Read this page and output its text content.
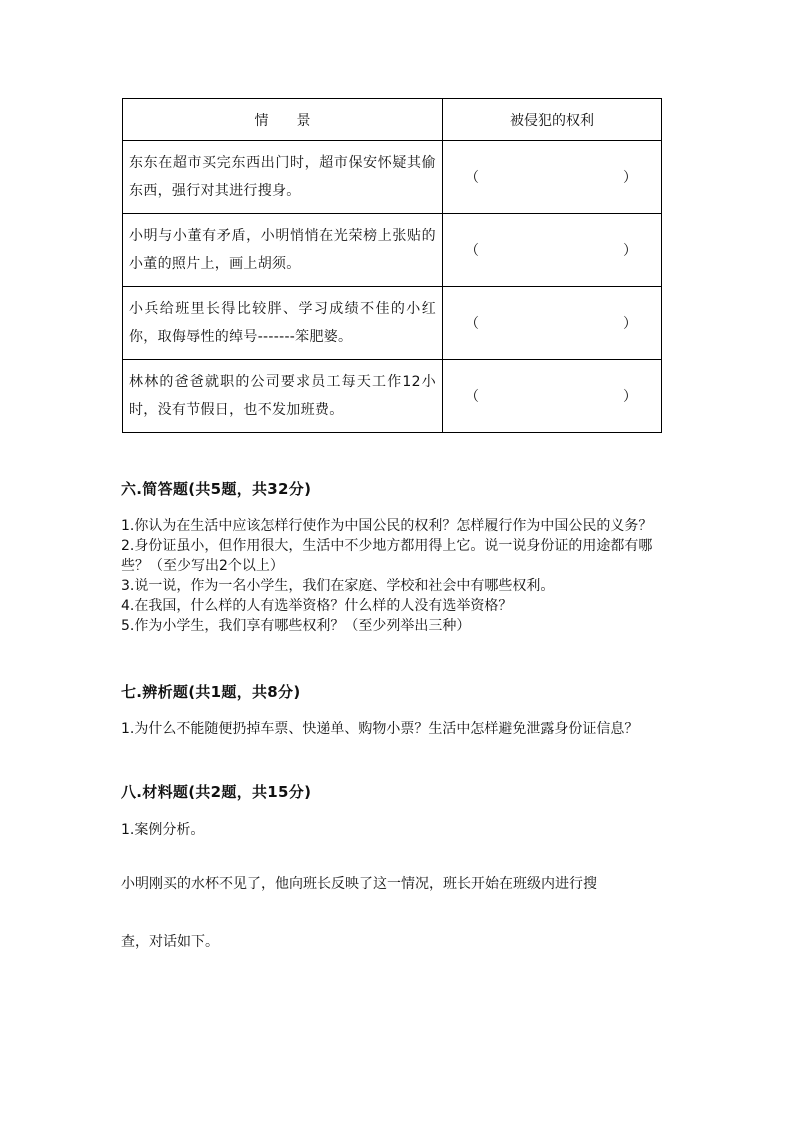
情　　景	被侵犯的权利

东东在超市买完东西出门时，超市保安怀疑其偷东西，强行对其进行搜身。	（ ）

小明与小董有矛盾，小明悄悄在光荣榜上张贴的小董的照片上，画上胡须。	（ ）

小兵给班里长得比较胖、学习成绩不佳的小红你，取侮辱性的绰号-------笨肥婆。	（ ）

林林的爸爸就职的公司要求员工每天工作12小时，没有节假日，也不发加班费。	（ ）
六.简答题(共5题，共32分)

1.你认为在生活中应该怎样行使作为中国公民的权利？怎样履行作为中国公民的义务？

2.身份证虽小，但作用很大，生活中不少地方都用得上它。说一说身份证的用途都有哪些？（至少写出2个以上）

3.说一说，作为一名小学生，我们在家庭、学校和社会中有哪些权利。

4.在我国，什么样的人有选举资格？什么样的人没有选举资格？

5.作为小学生，我们享有哪些权利？（至少列举出三种）

七.辨析题(共1题，共8分)

1.为什么不能随便扔掉车票、快递单、购物小票？生活中怎样避免泄露身份证信息？

八.材料题(共2题，共15分)
1.案例分析。
小明刚买的水杯不见了，他向班长反映了这一情况，班长开始在班级内进行搜
查，对话如下。
